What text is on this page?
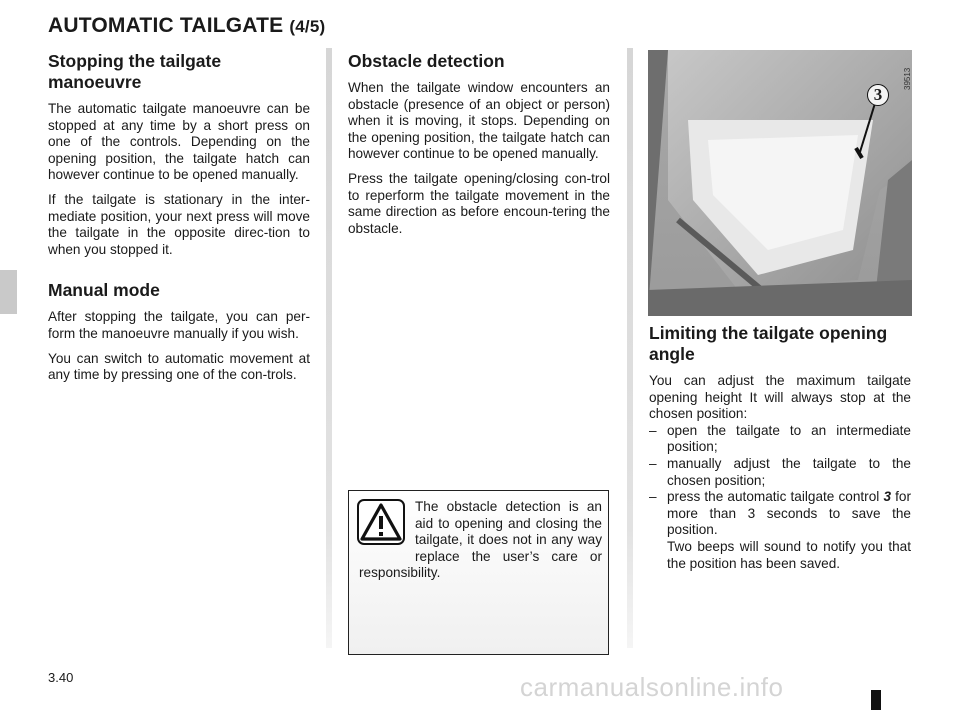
AUTOMATIC TAILGATE (4/5)
Stopping the tailgate manoeuvre

The automatic tailgate manoeuvre can be stopped at any time by a short press on one of the controls. Depending on the opening position, the tailgate hatch can however continue to be opened manually.

If the tailgate is stationary in the inter-mediate position, your next press will move the tailgate in the opposite direc-tion to when you stopped it.

Manual mode

After stopping the tailgate, you can per-form the manoeuvre manually if you wish.

You can switch to automatic movement at any time by pressing one of the con-trols.

Obstacle detection

When the tailgate window encounters an obstacle (presence of an object or person) when it is moving, it stops. Depending on the opening position, the tailgate hatch can however continue to be opened manually.

Press the tailgate opening/closing con-trol to reperform the tailgate movement in the same direction as before encoun-tering the obstacle.

The obstacle detection is an aid to opening and closing the tailgate, it does not in any way replace the user’s care or responsibility.

3
39513
Limiting the tailgate opening angle

You can adjust the maximum tailgate opening height It will always stop at the chosen position:

– open the tailgate to an intermediate position;
– manually adjust the tailgate to the chosen position;
– press the automatic tailgate control 3 for more than 3 seconds to save the position.
Two beeps will sound to notify you that the position has been saved.
3.40	carmanualsonline.info
